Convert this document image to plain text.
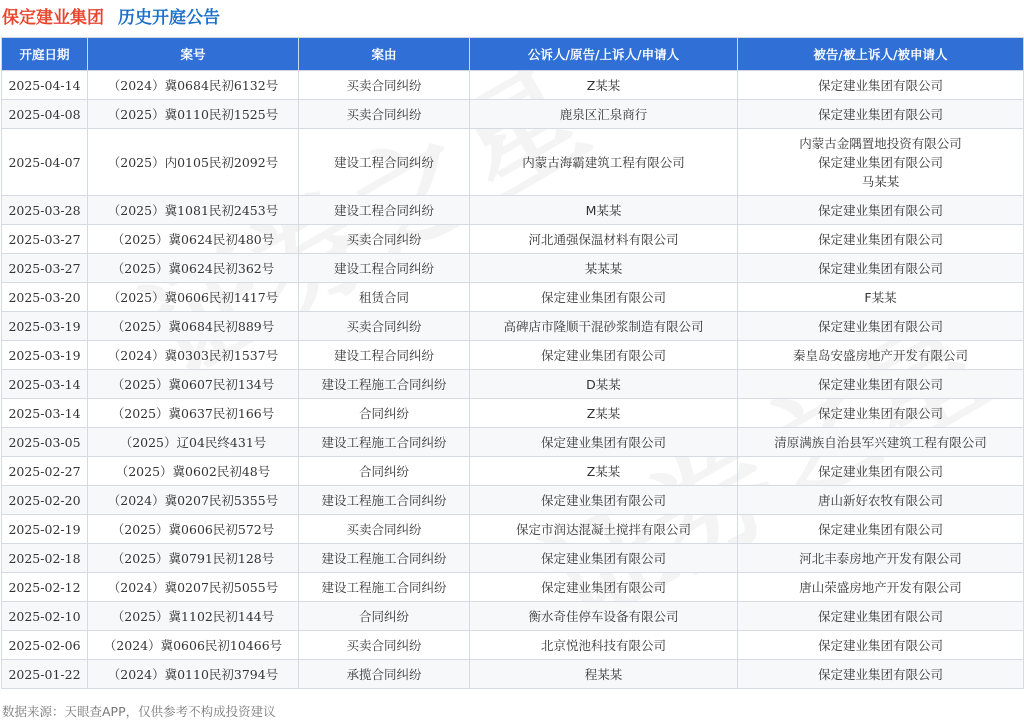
保定建业集团 历史开庭公告
开庭日期	案号	案由	公诉人/原告/上诉人/申请人	被告/被上诉人/被申请人
2025-04-14	（2024）冀0684民初6132号	买卖合同纠纷	Z某某	保定建业集团有限公司

2025-04-08	（2025）冀0110民初1525号	买卖合同纠纷	鹿泉区汇泉商行	保定建业集团有限公司

2025-04-07	（2025）内0105民初2092号	建设工程合同纠纷	内蒙古海霸建筑工程有限公司	内蒙古金隅置地投资有限公司
保定建业集团有限公司
马某某

2025-03-28	（2025）冀1081民初2453号	建设工程合同纠纷	M某某	保定建业集团有限公司

2025-03-27	（2025）冀0624民初480号	买卖合同纠纷	河北通强保温材料有限公司	保定建业集团有限公司

2025-03-27	（2025）冀0624民初362号	建设工程合同纠纷	某某某	保定建业集团有限公司

2025-03-20	（2025）冀0606民初1417号	租赁合同	保定建业集团有限公司	F某某

2025-03-19	（2025）冀0684民初889号	买卖合同纠纷	高碑店市隆顺干混砂浆制造有限公司	保定建业集团有限公司

2025-03-19	（2024）冀0303民初1537号	建设工程合同纠纷	保定建业集团有限公司	秦皇岛安盛房地产开发有限公司

2025-03-14	（2025）冀0607民初134号	建设工程施工合同纠纷	D某某	保定建业集团有限公司

2025-03-14	（2025）冀0637民初166号	合同纠纷	Z某某	保定建业集团有限公司

2025-03-05	（2025）辽04民终431号	建设工程施工合同纠纷	保定建业集团有限公司	清原满族自治县军兴建筑工程有限公司

2025-02-27	（2025）冀0602民初48号	合同纠纷	Z某某	保定建业集团有限公司

2025-02-20	（2024）冀0207民初5355号	建设工程施工合同纠纷	保定建业集团有限公司	唐山新好农牧有限公司

2025-02-19	（2025）冀0606民初572号	买卖合同纠纷	保定市润达混凝土搅拌有限公司	保定建业集团有限公司

2025-02-18	（2025）冀0791民初128号	建设工程施工合同纠纷	保定建业集团有限公司	河北丰泰房地产开发有限公司

2025-02-12	（2024）冀0207民初5055号	建设工程施工合同纠纷	保定建业集团有限公司	唐山荣盛房地产开发有限公司

2025-02-10	（2025）冀1102民初144号	合同纠纷	衡水奇佳停车设备有限公司	保定建业集团有限公司

2025-02-06	（2024）冀0606民初10466号	买卖合同纠纷	北京悦池科技有限公司	保定建业集团有限公司

2025-01-22	（2024）冀0110民初3794号	承揽合同纠纷	程某某	保定建业集团有限公司
数据来源：天眼查APP，仅供参考不构成投资建议
